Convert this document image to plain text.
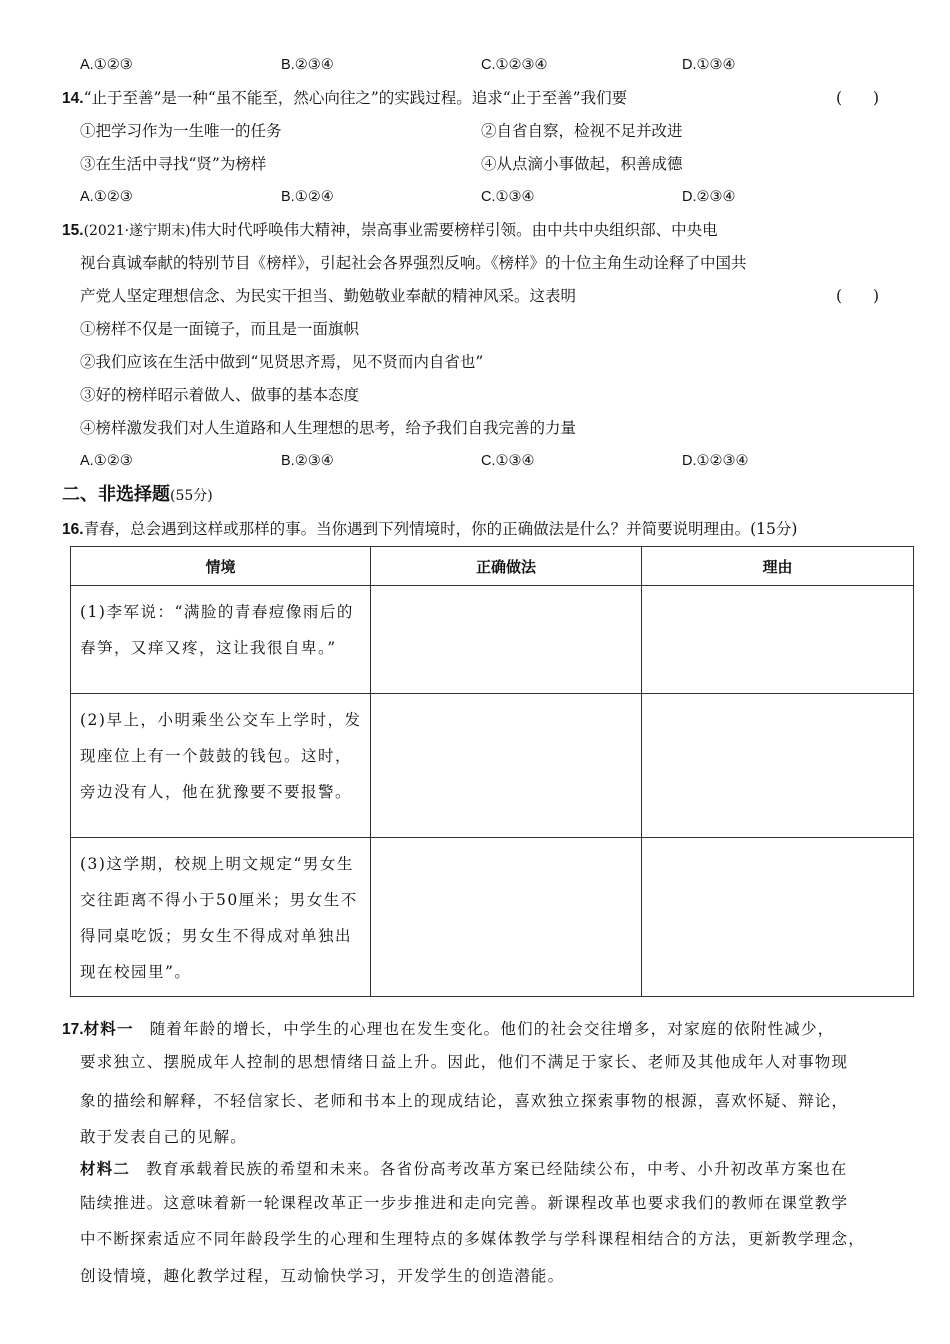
A.①②③	B.②③④	C.①②③④	D.①③④
14.“止于至善”是一种“虽不能至，然心向往之”的实践过程。追求“止于至善”我们要	(　　)
①把学习作为一生唯一的任务	②自省自察，检视不足并改进
③在生活中寻找“贤”为榜样	④从点滴小事做起，积善成德
A.①②③	B.①②④	C.①③④	D.②③④
15.(2021·遂宁期末)伟大时代呼唤伟大精神，崇高事业需要榜样引领。由中共中央组织部、中央电
视台真诚奉献的特别节目《榜样》，引起社会各界强烈反响。《榜样》的十位主角生动诠释了中国共
产党人坚定理想信念、为民实干担当、勤勉敬业奉献的精神风采。这表明	(　　)
①榜样不仅是一面镜子，而且是一面旗帜
②我们应该在生活中做到“见贤思齐焉，见不贤而内自省也”
③好的榜样昭示着做人、做事的基本态度
④榜样激发我们对人生道路和人生理想的思考，给予我们自我完善的力量
A.①②③	B.②③④	C.①③④	D.①②③④
二、非选择题(55分)
16.青春，总会遇到这样或那样的事。当你遇到下列情境时，你的正确做法是什么？并简要说明理由。(15分)
情境	正确做法	理由
(1)李军说：“满脸的青春痘像雨后的春笋，又痒又疼，这让我很自卑。”		
(2)早上，小明乘坐公交车上学时，发现座位上有一个鼓鼓的钱包。这时，旁边没有人，他在犹豫要不要报警。		
(3)这学期，校规上明文规定“男女生交往距离不得小于50厘米；男女生不得同桌吃饭；男女生不得成对单独出现在校园里”。		
17.材料一 随着年龄的增长，中学生的心理也在发生变化。他们的社会交往增多，对家庭的依附性减少，
要求独立、摆脱成年人控制的思想情绪日益上升。因此，他们不满足于家长、老师及其他成年人对事物现
象的描绘和解释，不轻信家长、老师和书本上的现成结论，喜欢独立探索事物的根源，喜欢怀疑、辩论，
敢于发表自己的见解。
材料二 教育承载着民族的希望和未来。各省份高考改革方案已经陆续公布，中考、小升初改革方案也在
陆续推进。这意味着新一轮课程改革正一步步推进和走向完善。新课程改革也要求我们的教师在课堂教学
中不断探索适应不同年龄段学生的心理和生理特点的多媒体教学与学科课程相结合的方法，更新教学理念，
创设情境，趣化教学过程，互动愉快学习，开发学生的创造潜能。
